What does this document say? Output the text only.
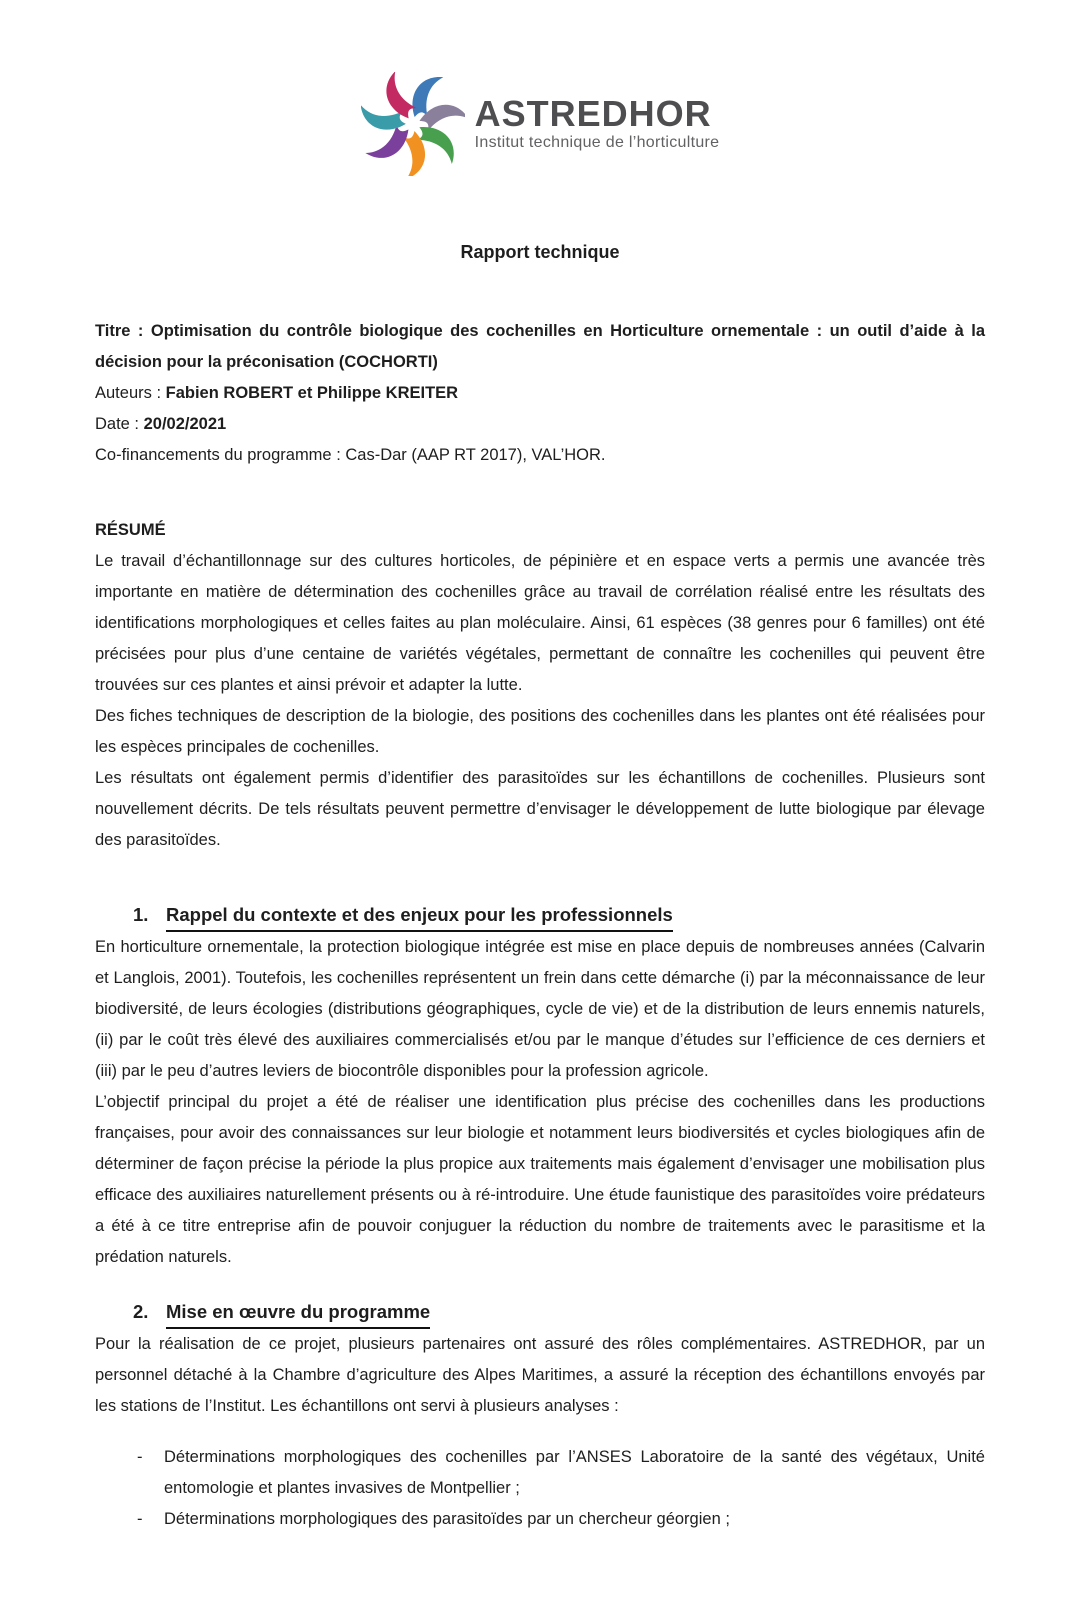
ASTREDHOR
Institut technique de l’horticulture
Rapport technique

Titre : Optimisation du contrôle biologique des cochenilles en Horticulture ornementale : un outil d’aide à la décision pour la préconisation (COCHORTI)

Auteurs : Fabien ROBERT et Philippe KREITER

Date : 20/02/2021

Co-financements du programme : Cas-Dar (AAP RT 2017), VAL’HOR.

RÉSUMÉ

Le travail d’échantillonnage sur des cultures horticoles, de pépinière et en espace verts a permis une avancée très importante en matière de détermination des cochenilles grâce au travail de corrélation réalisé entre les résultats des identifications morphologiques et celles faites au plan moléculaire. Ainsi, 61 espèces (38 genres pour 6 familles) ont été précisées pour plus d’une centaine de variétés végétales, permettant de connaître les cochenilles qui peuvent être trouvées sur ces plantes et ainsi prévoir et adapter la lutte.

Des fiches techniques de description de la biologie, des positions des cochenilles dans les plantes ont été réalisées pour les espèces principales de cochenilles.

Les résultats ont également permis d’identifier des parasitoïdes sur les échantillons de cochenilles. Plusieurs sont nouvellement décrits. De tels résultats peuvent permettre d’envisager le développement de lutte biologique par élevage des parasitoïdes.

1. Rappel du contexte et des enjeux pour les professionnels

En horticulture ornementale, la protection biologique intégrée est mise en place depuis de nombreuses années (Calvarin et Langlois, 2001). Toutefois, les cochenilles représentent un frein dans cette démarche (i) par la méconnaissance de leur biodiversité, de leurs écologies (distributions géographiques, cycle de vie) et de la distribution de leurs ennemis naturels, (ii) par le coût très élevé des auxiliaires commercialisés et/ou par le manque d’études sur l’efficience de ces derniers et (iii) par le peu d’autres leviers de biocontrôle disponibles pour la profession agricole.

L’objectif principal du projet a été de réaliser une identification plus précise des cochenilles dans les productions françaises, pour avoir des connaissances sur leur biologie et notamment leurs biodiversités et cycles biologiques afin de déterminer de façon précise la période la plus propice aux traitements mais également d’envisager une mobilisation plus efficace des auxiliaires naturellement présents ou à ré-introduire. Une étude faunistique des parasitoïdes voire prédateurs a été à ce titre entreprise afin de pouvoir conjuguer la réduction du nombre de traitements avec le parasitisme et la prédation naturels.

2. Mise en œuvre du programme

Pour la réalisation de ce projet, plusieurs partenaires ont assuré des rôles complémentaires. ASTREDHOR, par un personnel détaché à la Chambre d’agriculture des Alpes Maritimes, a assuré la réception des échantillons envoyés par les stations de l’Institut. Les échantillons ont servi à plusieurs analyses :

-	Déterminations morphologiques des cochenilles par l’ANSES Laboratoire de la santé des végétaux, Unité entomologie et plantes invasives de Montpellier ;

-	Déterminations morphologiques des parasitoïdes par un chercheur géorgien ;
